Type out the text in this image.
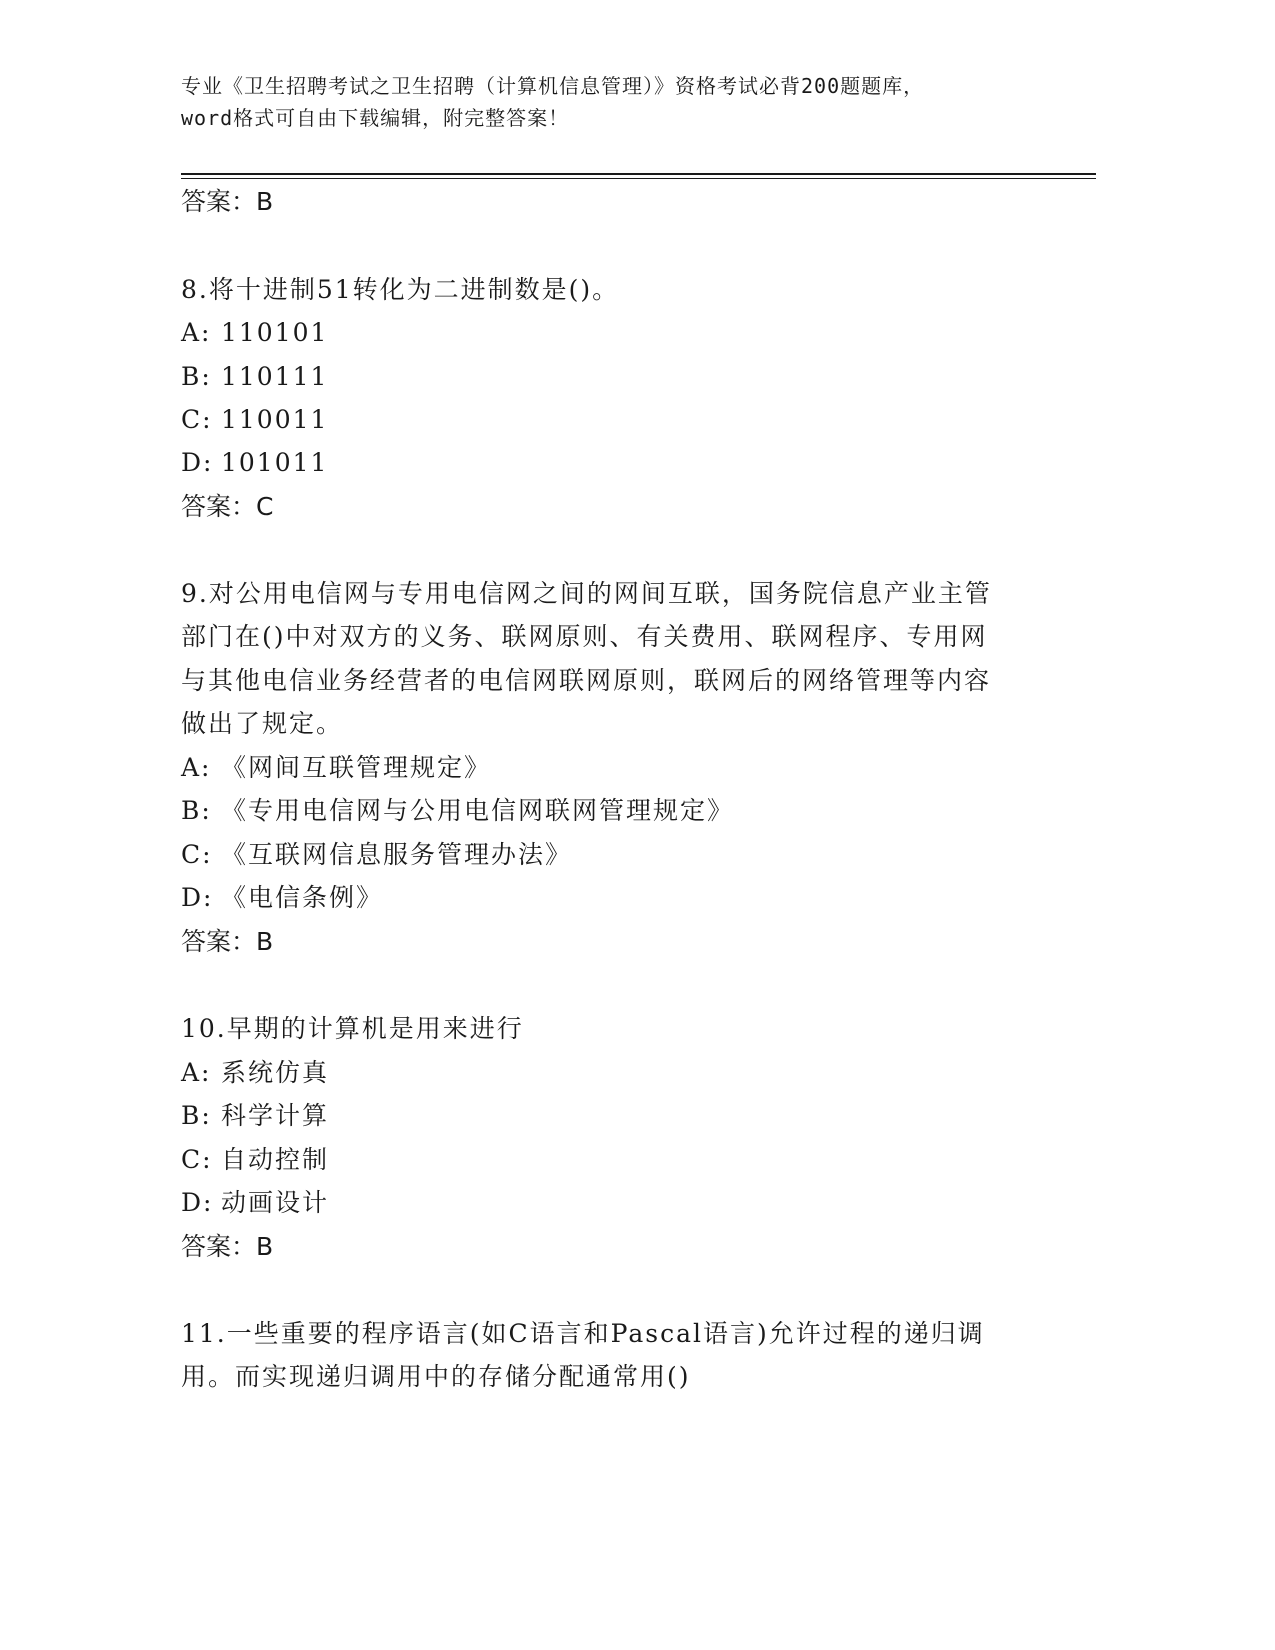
专业《卫生招聘考试之卫生招聘（计算机信息管理）》资格考试必背200题题库，
word格式可自由下载编辑，附完整答案！
答案：B
8.将十进制51转化为二进制数是()。
A: 110101
B: 110111
C: 110011
D: 101011
答案：C
9.对公用电信网与专用电信网之间的网间互联，国务院信息产业主管
部门在()中对双方的义务、联网原则、有关费用、联网程序、专用网
与其他电信业务经营者的电信网联网原则，联网后的网络管理等内容
做出了规定。
A: 《网间互联管理规定》
B: 《专用电信网与公用电信网联网管理规定》
C: 《互联网信息服务管理办法》
D: 《电信条例》
答案：B
10.早期的计算机是用来进行
A: 系统仿真
B: 科学计算
C: 自动控制
D: 动画设计
答案：B
11.一些重要的程序语言(如C语言和Pascal语言)允许过程的递归调
用。而实现递归调用中的存储分配通常用()
